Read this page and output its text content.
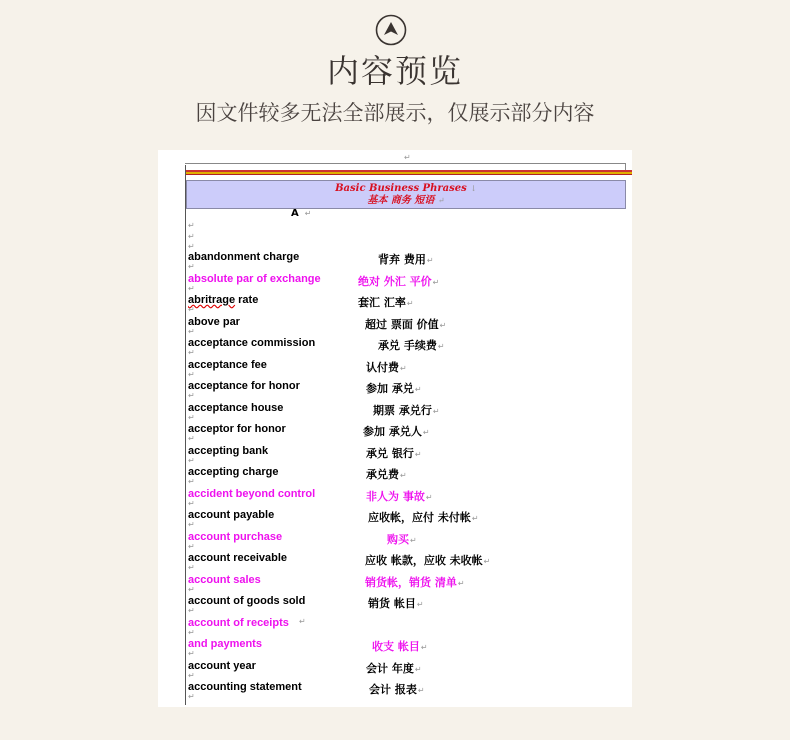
内容预览
因文件较多无法全部展示，仅展示部分内容
↵
Basic Business Phrases ↓
基本 商务 短语 ↵
A ↵
↵
↵
↵
abandonment charge	背弃 费用↵
↵
absolute par of exchange	绝对 外汇 平价↵
↵
abritrage rate	套汇 汇率↵
↵
above par	超过 票面 价值↵
↵
acceptance commission	承兑 手续费↵
↵
acceptance fee	认付费↵
↵
acceptance for honor	参加 承兑↵
↵
acceptance house	期票 承兑行↵
↵
acceptor for honor	参加 承兑人↵
↵
accepting bank	承兑 银行↵
↵
accepting charge	承兑费↵
↵
accident beyond control	非人为 事故↵
↵
account payable	应收帐，应付 未付帐↵
↵
account purchase	购买↵
↵
account receivable	应收 帐款，应收 未收帐↵
↵
account sales	销货帐，销货 清单↵
↵
account of goods sold	销货 帐目↵
↵
account of receipts ↵
↵
and payments	收支 帐目↵
↵
account year	会计 年度↵
↵
accounting statement	会计 报表↵
↵
